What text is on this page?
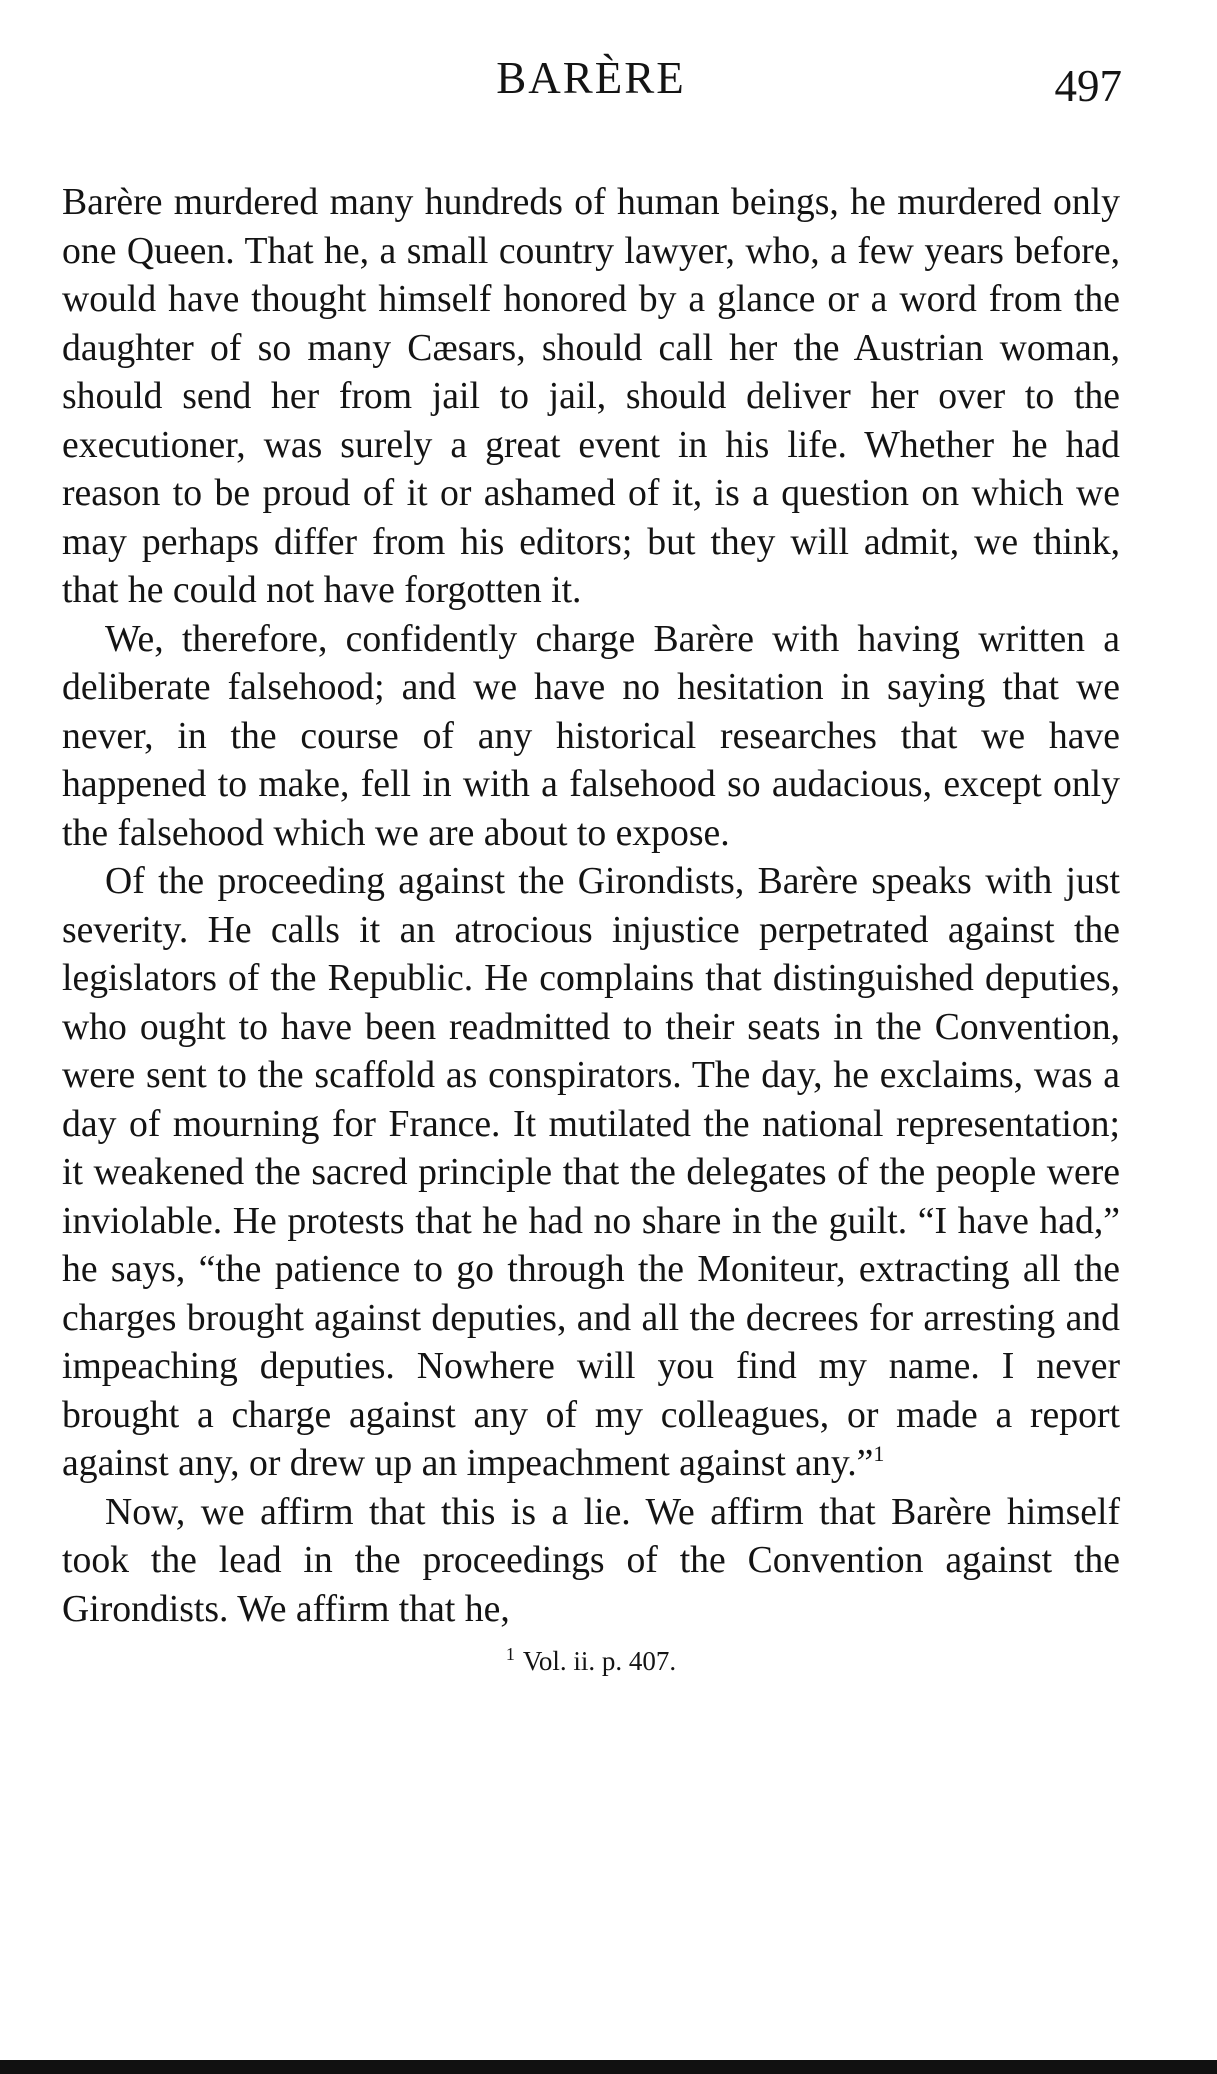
BARÈRE	497

Barère murdered many hundreds of human beings, he murdered only one Queen. That he, a small country lawyer, who, a few years before, would have thought himself honored by a glance or a word from the daughter of so many Cæsars, should call her the Austrian woman, should send her from jail to jail, should deliver her over to the executioner, was surely a great event in his life. Whether he had reason to be proud of it or ashamed of it, is a question on which we may perhaps differ from his editors; but they will admit, we think, that he could not have forgotten it.

We, therefore, confidently charge Barère with having written a deliberate falsehood; and we have no hesitation in saying that we never, in the course of any historical researches that we have happened to make, fell in with a falsehood so audacious, except only the falsehood which we are about to expose.

Of the proceeding against the Girondists, Barère speaks with just severity. He calls it an atrocious injustice perpetrated against the legislators of the Republic. He complains that distinguished deputies, who ought to have been readmitted to their seats in the Convention, were sent to the scaffold as conspirators. The day, he exclaims, was a day of mourning for France. It mutilated the national representation; it weakened the sacred principle that the delegates of the people were inviolable. He protests that he had no share in the guilt. “I have had,” he says, “the patience to go through the Moniteur, extracting all the charges brought against deputies, and all the decrees for arresting and impeaching deputies. Nowhere will you find my name. I never brought a charge against any of my colleagues, or made a report against any, or drew up an impeachment against any.”$^1$

Now, we affirm that this is a lie. We affirm that Barère himself took the lead in the proceedings of the Convention against the Girondists. We affirm that he,

$^1$ Vol. ii. p. 407.
